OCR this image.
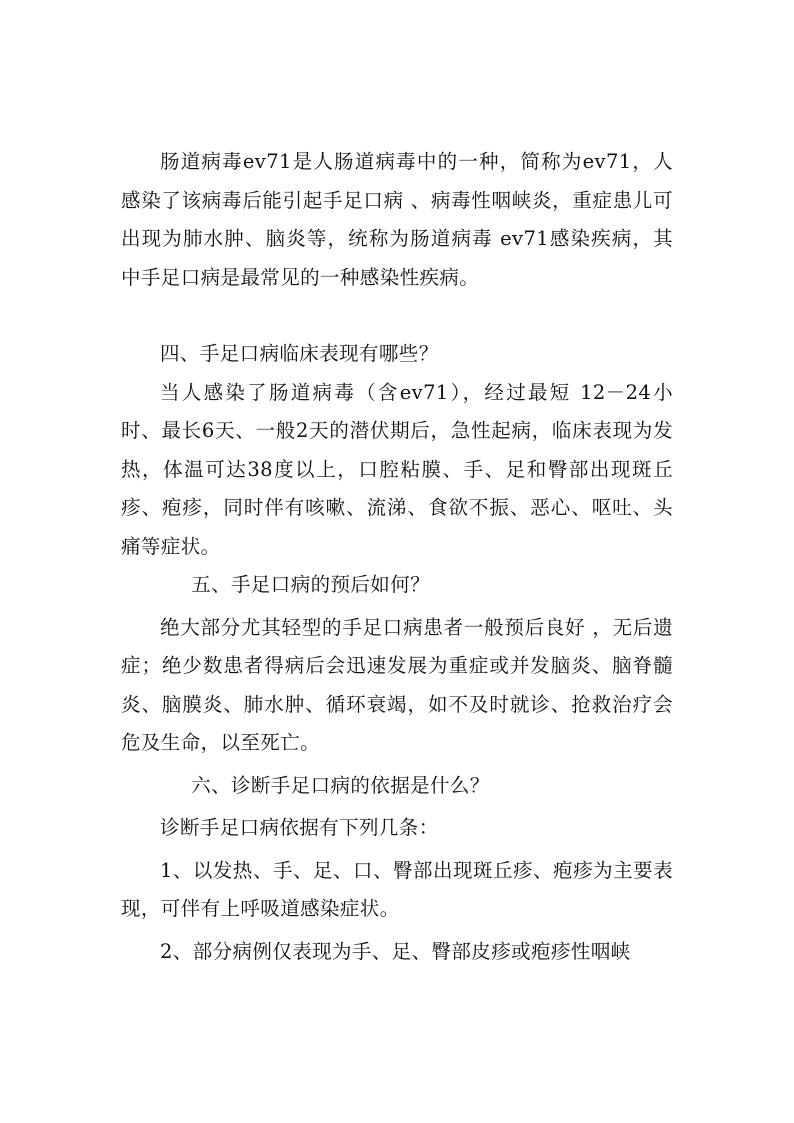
肠道病毒ev71是人肠道病毒中的一种，简称为ev71，人感染了该病毒后能引起手足口病 、病毒性咽峡炎，重症患儿可出现为肺水肿、脑炎等，统称为肠道病毒 ev71感染疾病，其中手足口病是最常见的一种感染性疾病。

四、手足口病临床表现有哪些？

当人感染了肠道病毒（含ev71），经过最短 12－24小时、最长6天、一般2天的潜伏期后，急性起病，临床表现为发热，体温可达38度以上，口腔粘膜、手、足和臀部出现斑丘疹、疱疹，同时伴有咳嗽、流涕、食欲不振、恶心、呕吐、头痛等症状。

五、手足口病的预后如何？

绝大部分尤其轻型的手足口病患者一般预后良好 ，无后遗症；绝少数患者得病后会迅速发展为重症或并发脑炎、脑脊髓炎、脑膜炎、肺水肿、循环衰竭，如不及时就诊、抢救治疗会危及生命，以至死亡。

六、诊断手足口病的依据是什么？

诊断手足口病依据有下列几条：

1、以发热、手、足、口、臀部出现斑丘疹、疱疹为主要表现，可伴有上呼吸道感染症状。

2、部分病例仅表现为手、足、臀部皮疹或疱疹性咽峡
